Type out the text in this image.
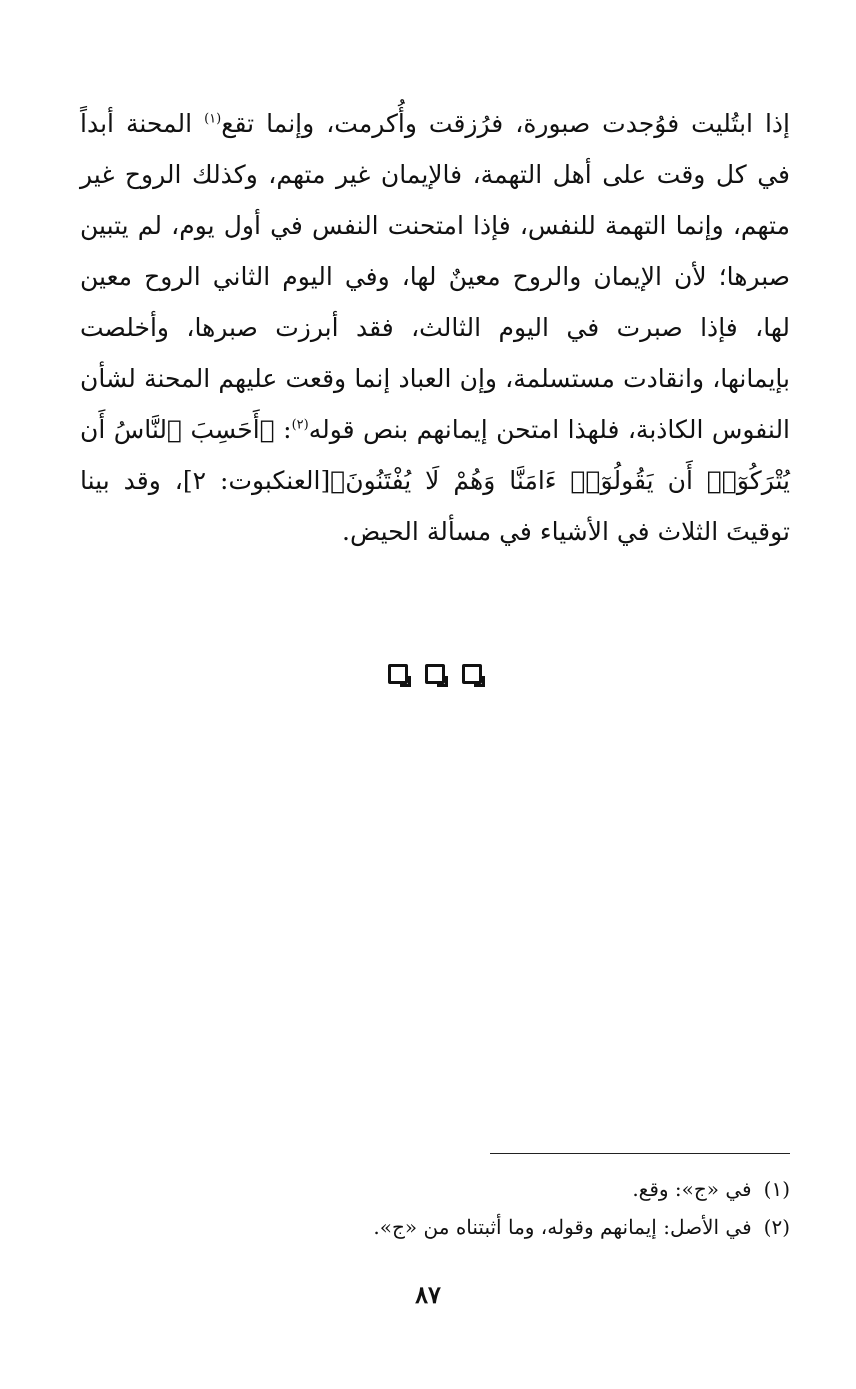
إذا ابتُليت فوُجدت صبورة، فرُزقت وأُكرمت، وإنما تقع$^{(١)}$ المحنة أبداً في كل وقت على أهل التهمة، فالإيمان غير متهم، وكذلك الروح غير متهم، وإنما التهمة للنفس، فإذا امتحنت النفس في أول يوم، لم يتبين صبرها؛ لأن الإيمان والروح معينٌ لها، وفي اليوم الثاني الروح معين لها، فإذا صبرت في اليوم الثالث، فقد أبرزت صبرها، وأخلصت بإيمانها، وانقادت مستسلمة، وإن العباد إنما وقعت عليهم المحنة لشأن النفوس الكاذبة، فلهذا امتحن إيمانهم بنص قوله$^{(٢)}$: ﴿أَحَسِبَ ٱلنَّاسُ أَن يُتْرَكُوٓا۟ أَن يَقُولُوٓا۟ ءَامَنَّا وَهُمْ لَا يُفْتَنُونَ﴾[العنكبوت: ٢]، وقد بينا توقيتَ الثلاث في الأشياء في مسألة الحيض.

(١)
في «ج»: وقع.
(٢)
في الأصل: إيمانهم وقوله، وما أثبتناه من «ج».
٨٧
